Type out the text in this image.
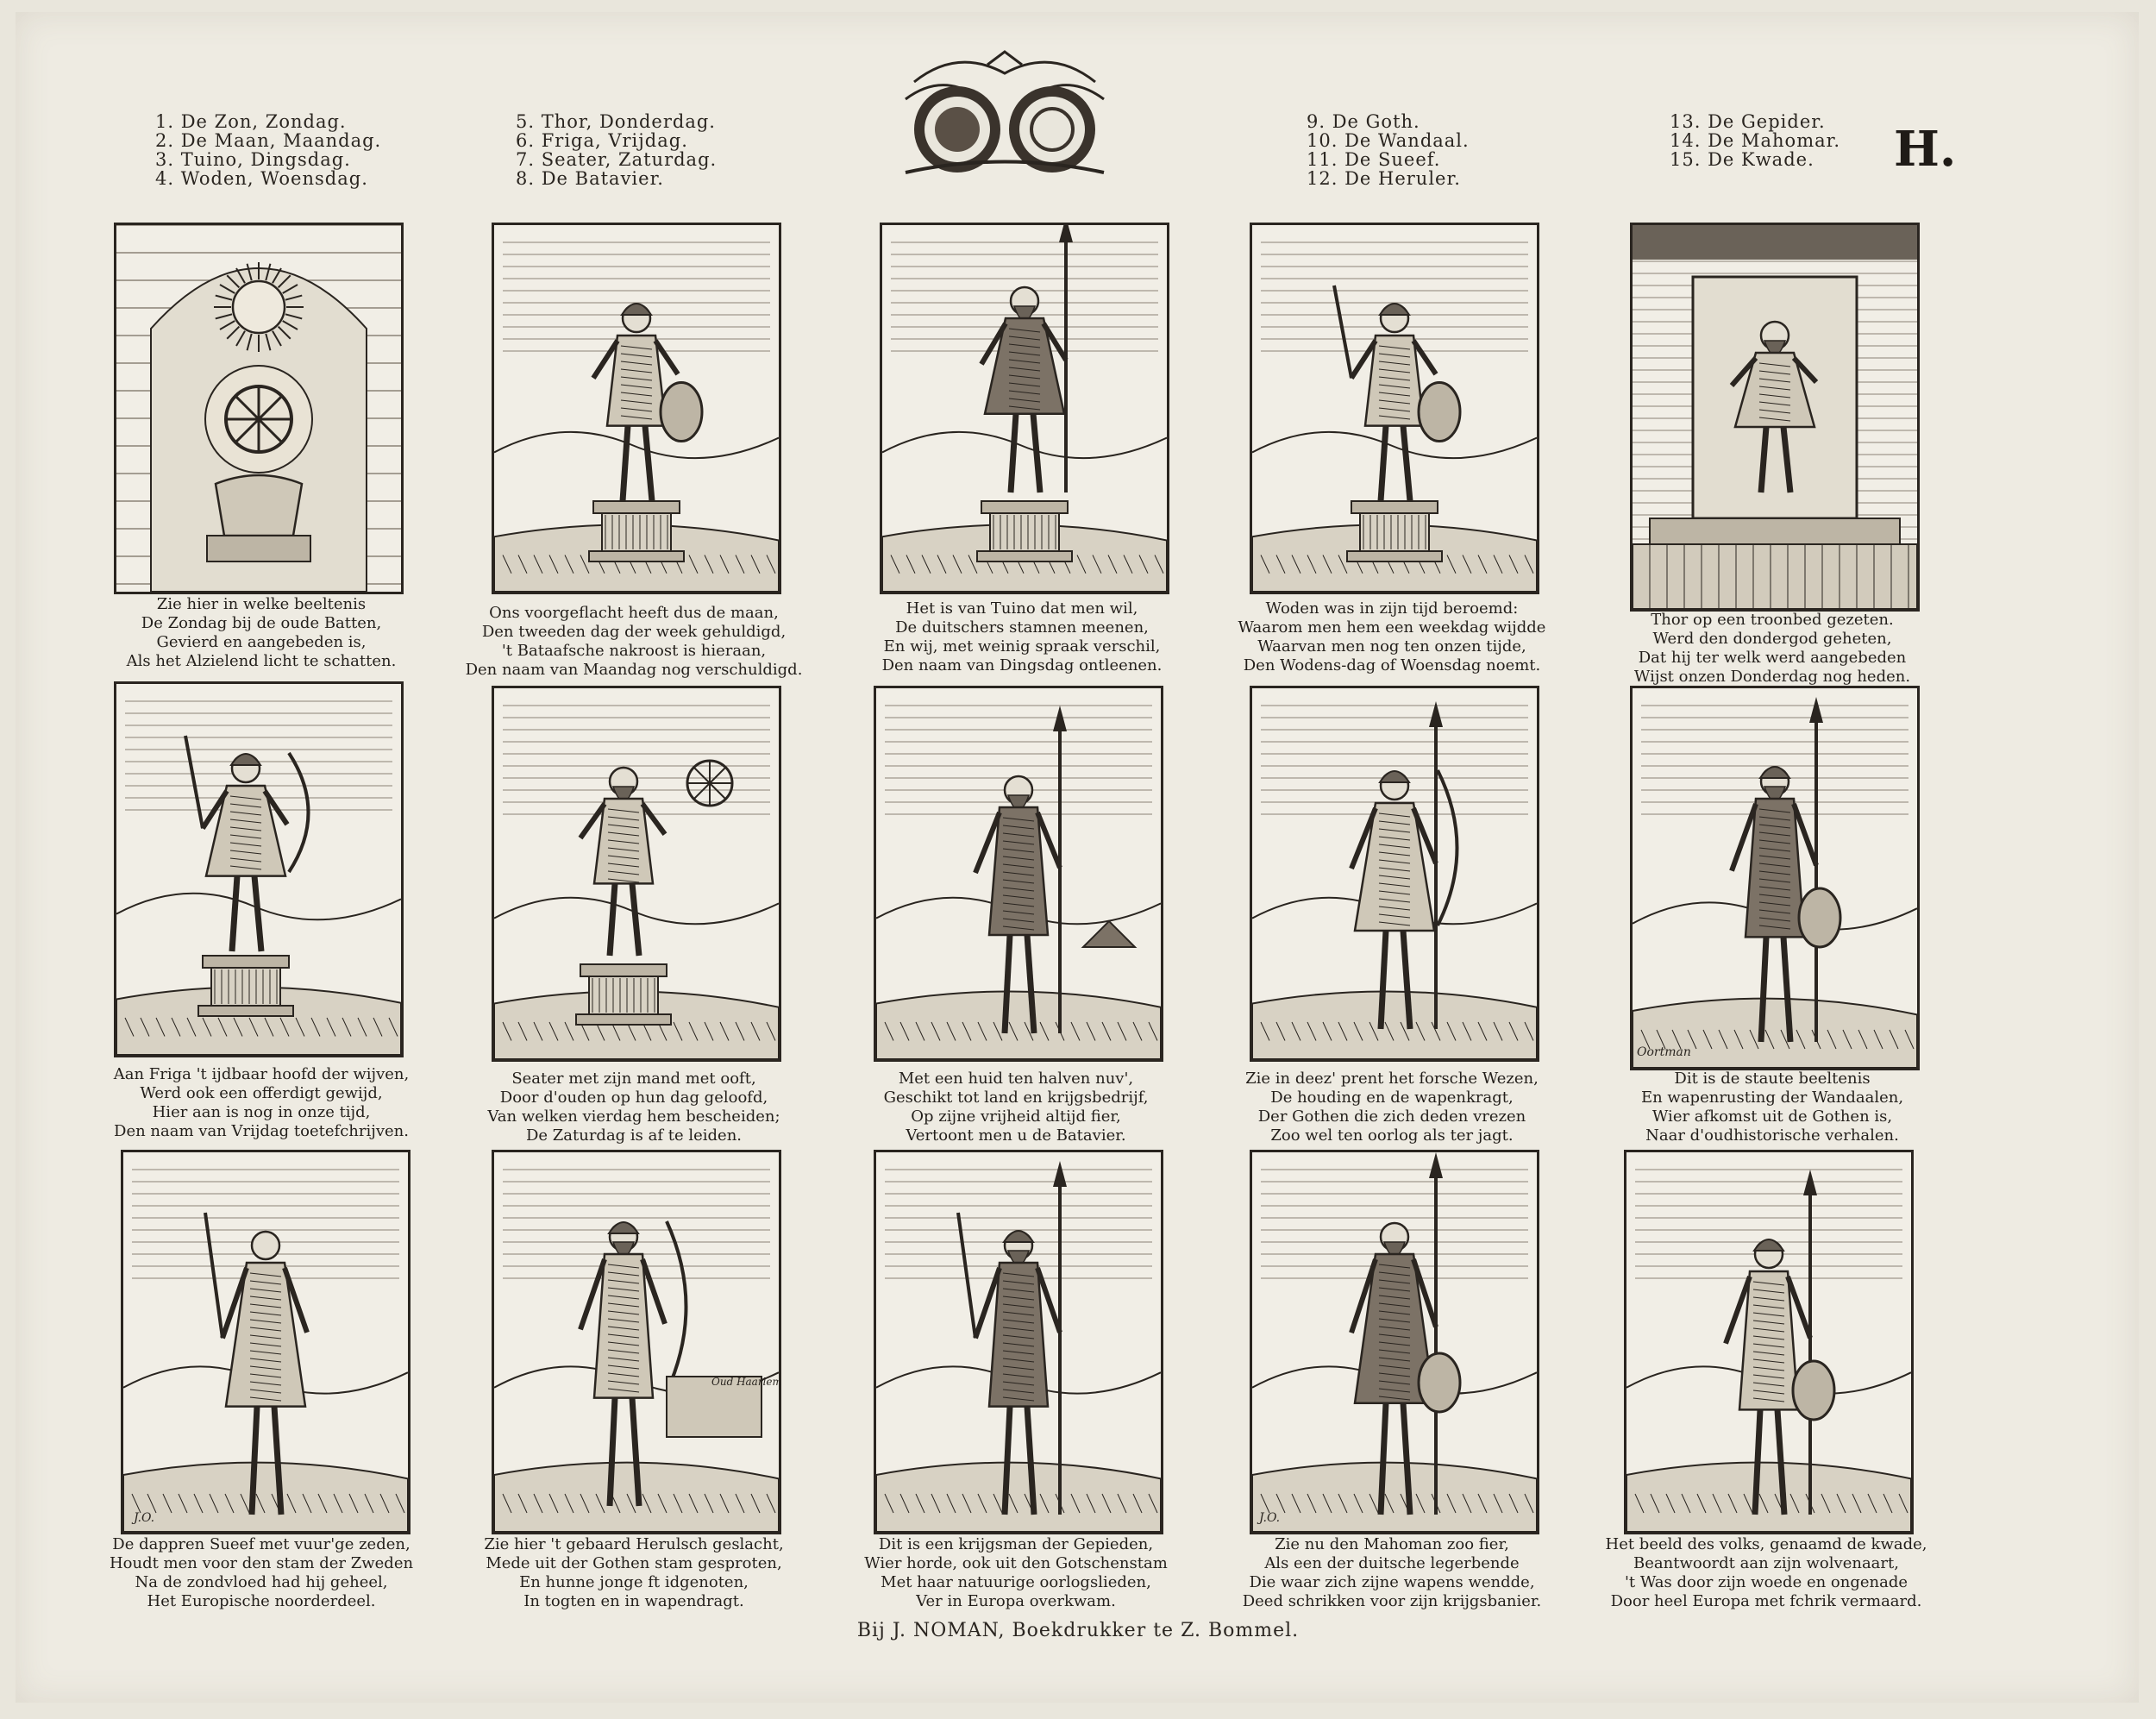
1. De Zon, Zondag.
2. De Maan, Maandag.
3. Tuino, Dingsdag.
4. Woden, Woensdag.
5. Thor, Donderdag.
6. Friga, Vrijdag.
7. Seater, Zaturdag.
8. De Batavier.
9. De Goth.
10. De Wandaal.
11. De Sueef.
12. De Heruler.
13. De Gepider.
14. De Mahomar.
15. De Kwade.	H.
Oortman
J.O.
Oud Haarlem
J.O.
Zie hier in welke beeltenis
De Zondag bij de oude Batten,
Gevierd en aangebeden is,
Als het Alzielend licht te schatten.
Ons voorgeflacht heeft dus de maan,
Den tweeden dag der week gehuldigd,
't Bataafsche nakroost is hieraan,
Den naam van Maandag nog verschuldigd.
Het is van Tuino dat men wil,
De duitschers stamnen meenen,
En wij, met weinig spraak verschil,
Den naam van Dingsdag ontleenen.
Woden was in zijn tijd beroemd:
Waarom men hem een weekdag wijdde
Waarvan men nog ten onzen tijde,
Den Wodens-dag of Woensdag noemt.
Thor op een troonbed gezeten.
Werd den dondergod geheten,
Dat hij ter welk werd aangebeden
Wijst onzen Donderdag nog heden.
Aan Friga 't ijdbaar hoofd der wijven,
Werd ook een offerdigt gewijd,
Hier aan is nog in onze tijd,
Den naam van Vrijdag toetefchrijven.
Seater met zijn mand met ooft,
Door d'ouden op hun dag geloofd,
Van welken vierdag hem bescheiden;
De Zaturdag is af te leiden.
Met een huid ten halven nuv',
Geschikt tot land en krijgsbedrijf,
Op zijne vrijheid altijd fier,
Vertoont men u de Batavier.
Zie in deez' prent het forsche Wezen,
De houding en de wapenkragt,
Der Gothen die zich deden vrezen
Zoo wel ten oorlog als ter jagt.
Dit is de staute beeltenis
En wapenrusting der Wandaalen,
Wier afkomst uit de Gothen is,
Naar d'oudhistorische verhalen.
De dappren Sueef met vuur'ge zeden,
Houdt men voor den stam der Zweden
Na de zondvloed had hij geheel,
Het Europische noorderdeel.
Zie hier 't gebaard Herulsch geslacht,
Mede uit der Gothen stam gesproten,
En hunne jonge ft idgenoten,
In togten en in wapendragt.
Dit is een krijgsman der Gepieden,
Wier horde, ook uit den Gotschenstam
Met haar natuurige oorlogslieden,
Ver in Europa overkwam.
Zie nu den Mahoman zoo fier,
Als een der duitsche legerbende
Die waar zich zijne wapens wendde,
Deed schrikken voor zijn krijgsbanier.
Het beeld des volks, genaamd de kwade,
Beantwoordt aan zijn wolvenaart,
't Was door zijn woede en ongenade
Door heel Europa met fchrik vermaard.
Bij J. NOMAN, Boekdrukker te Z. Bommel.
